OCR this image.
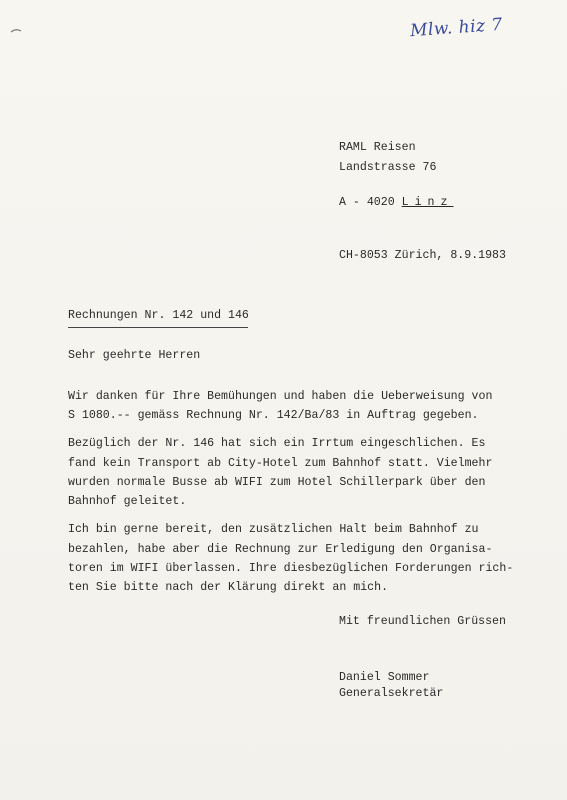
Mlw. hiz 7
RAML Reisen
Landstrasse 76
A - 4020 Linz
CH-8053 Zürich, 8.9.1983
Rechnungen Nr. 142 und 146
Sehr geehrte Herren
Wir danken für Ihre Bemühungen und haben die Ueberweisung von
S 1080.-- gemäss Rechnung Nr. 142/Ba/83 in Auftrag gegeben.
Bezüglich der Nr. 146 hat sich ein Irrtum eingeschlichen. Es
fand kein Transport ab City-Hotel zum Bahnhof statt. Vielmehr
wurden normale Busse ab WIFI zum Hotel Schillerpark über den
Bahnhof geleitet.
Ich bin gerne bereit, den zusätzlichen Halt beim Bahnhof zu
bezahlen, habe aber die Rechnung zur Erledigung den Organisa-
toren im WIFI überlassen. Ihre diesbezüglichen Forderungen rich-
ten Sie bitte nach der Klärung direkt an mich.
Mit freundlichen Grüssen
Daniel Sommer
Generalsekretär
